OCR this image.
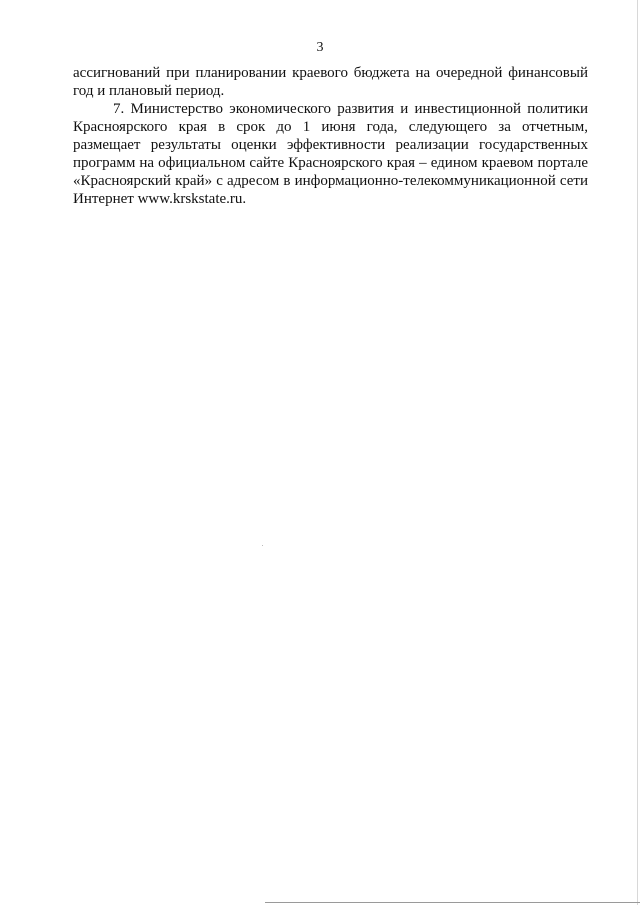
3
ассигнований при планировании краевого бюджета на очередной финансовый
год и плановый период.
7. Министерство экономического развития и инвестиционной политики
Красноярского края в срок до 1 июня года, следующего за отчетным,
размещает результаты оценки эффективности реализации государственных
программ на официальном сайте Красноярского края – едином краевом портале
«Красноярский край» с адресом в информационно-телекоммуникационной сети
Интернет www.krskstate.ru.
